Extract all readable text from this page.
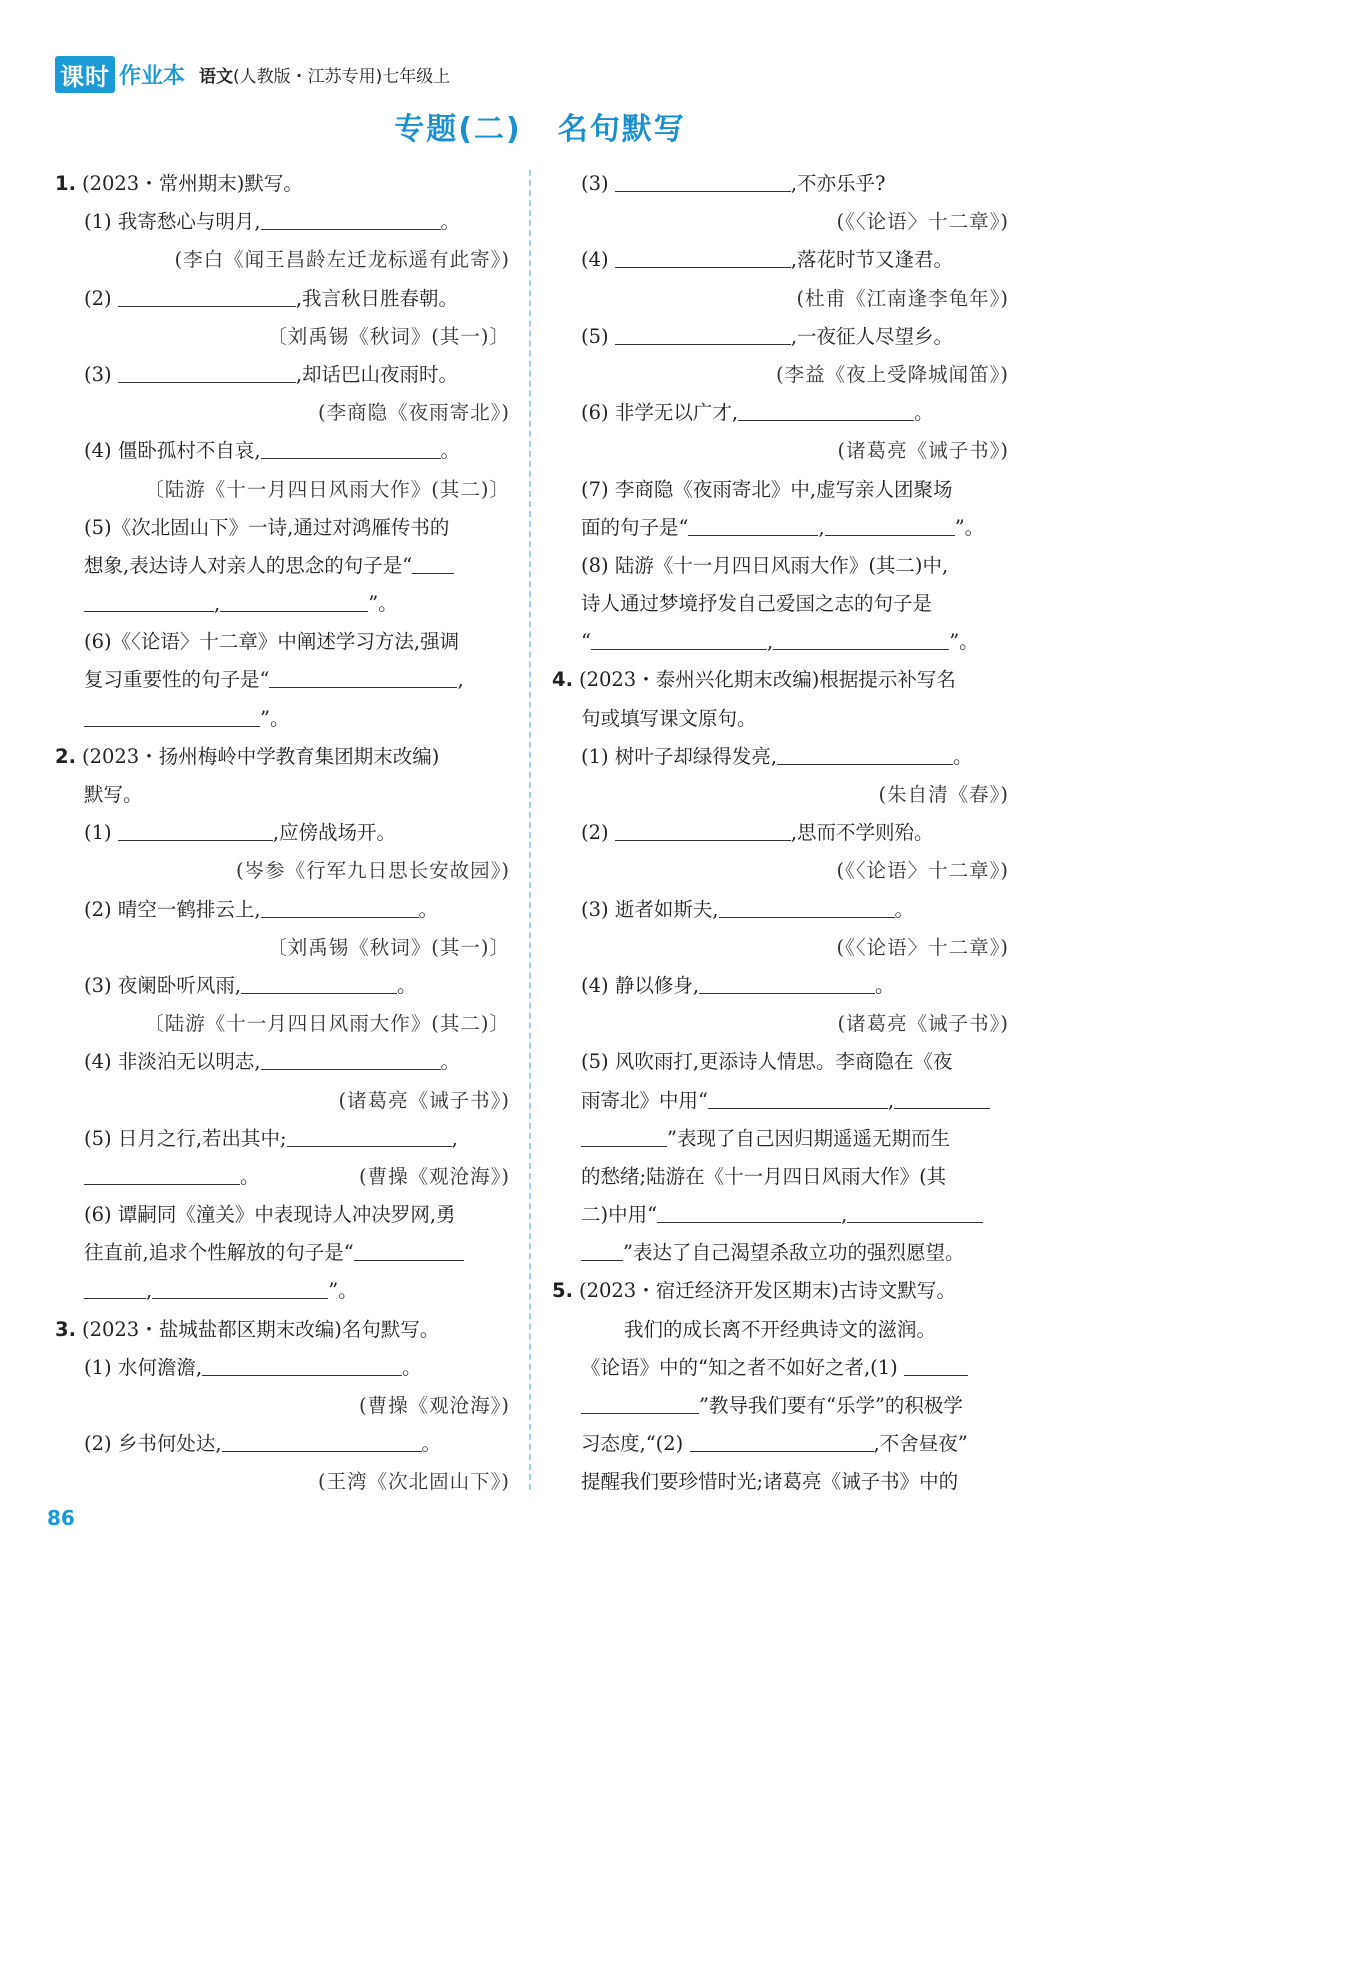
课时 作业本 语文(人教版・江苏专用)七年级上
专题(二) 名句默写
1. (2023・常州期末)默写。
(1) 我寄愁心与明月,	。
(李白《闻王昌龄左迁龙标遥有此寄》)
(2)	,我言秋日胜春朝。
〔刘禹锡《秋词》(其一)〕
(3)	,却话巴山夜雨时。
(李商隐《夜雨寄北》)
(4) 僵卧孤村不自哀,	。
〔陆游《十一月四日风雨大作》(其二)〕
(5)《次北固山下》一诗,通过对鸿雁传书的
想象,表达诗人对亲人的思念的句子是“
,	”。
(6)《〈论语〉十二章》中阐述学习方法,强调
复习重要性的句子是“	,
”。
2. (2023・扬州梅岭中学教育集团期末改编)
默写。
(1)	,应傍战场开。
(岑参《行军九日思长安故园》)
(2) 晴空一鹤排云上,	。
〔刘禹锡《秋词》(其一)〕
(3) 夜阑卧听风雨,	。
〔陆游《十一月四日风雨大作》(其二)〕
(4) 非淡泊无以明志,	。
(诸葛亮《诫子书》)
(5) 日月之行,若出其中;	,
。	(曹操《观沧海》)
(6) 谭嗣同《潼关》中表现诗人冲决罗网,勇
往直前,追求个性解放的句子是“
,	”。
3. (2023・盐城盐都区期末改编)名句默写。
(1) 水何澹澹,	。
(曹操《观沧海》)
(2) 乡书何处达,	。
(王湾《次北固山下》)
(3)	,不亦乐乎?
(《〈论语〉十二章》)
(4)	,落花时节又逢君。
(杜甫《江南逢李龟年》)
(5)	,一夜征人尽望乡。
(李益《夜上受降城闻笛》)
(6) 非学无以广才,	。
(诸葛亮《诫子书》)
(7) 李商隐《夜雨寄北》中,虚写亲人团聚场
面的句子是“	,	”。
(8) 陆游《十一月四日风雨大作》(其二)中,
诗人通过梦境抒发自己爱国之志的句子是
“	,	”。
4. (2023・泰州兴化期末改编)根据提示补写名
句或填写课文原句。
(1) 树叶子却绿得发亮,	。
(朱自清《春》)
(2)	,思而不学则殆。
(《〈论语〉十二章》)
(3) 逝者如斯夫,	。
(《〈论语〉十二章》)
(4) 静以修身,	。
(诸葛亮《诫子书》)
(5) 风吹雨打,更添诗人情思。李商隐在《夜
雨寄北》中用“	,
”表现了自己因归期遥遥无期而生
的愁绪;陆游在《十一月四日风雨大作》(其
二)中用“	,
”表达了自己渴望杀敌立功的强烈愿望。
5. (2023・宿迁经济开发区期末)古诗文默写。
我们的成长离不开经典诗文的滋润。
《论语》中的“知之者不如好之者,(1)
”教导我们要有“乐学”的积极学
习态度,“(2)	,不舍昼夜”
提醒我们要珍惜时光;诸葛亮《诫子书》中的
86
